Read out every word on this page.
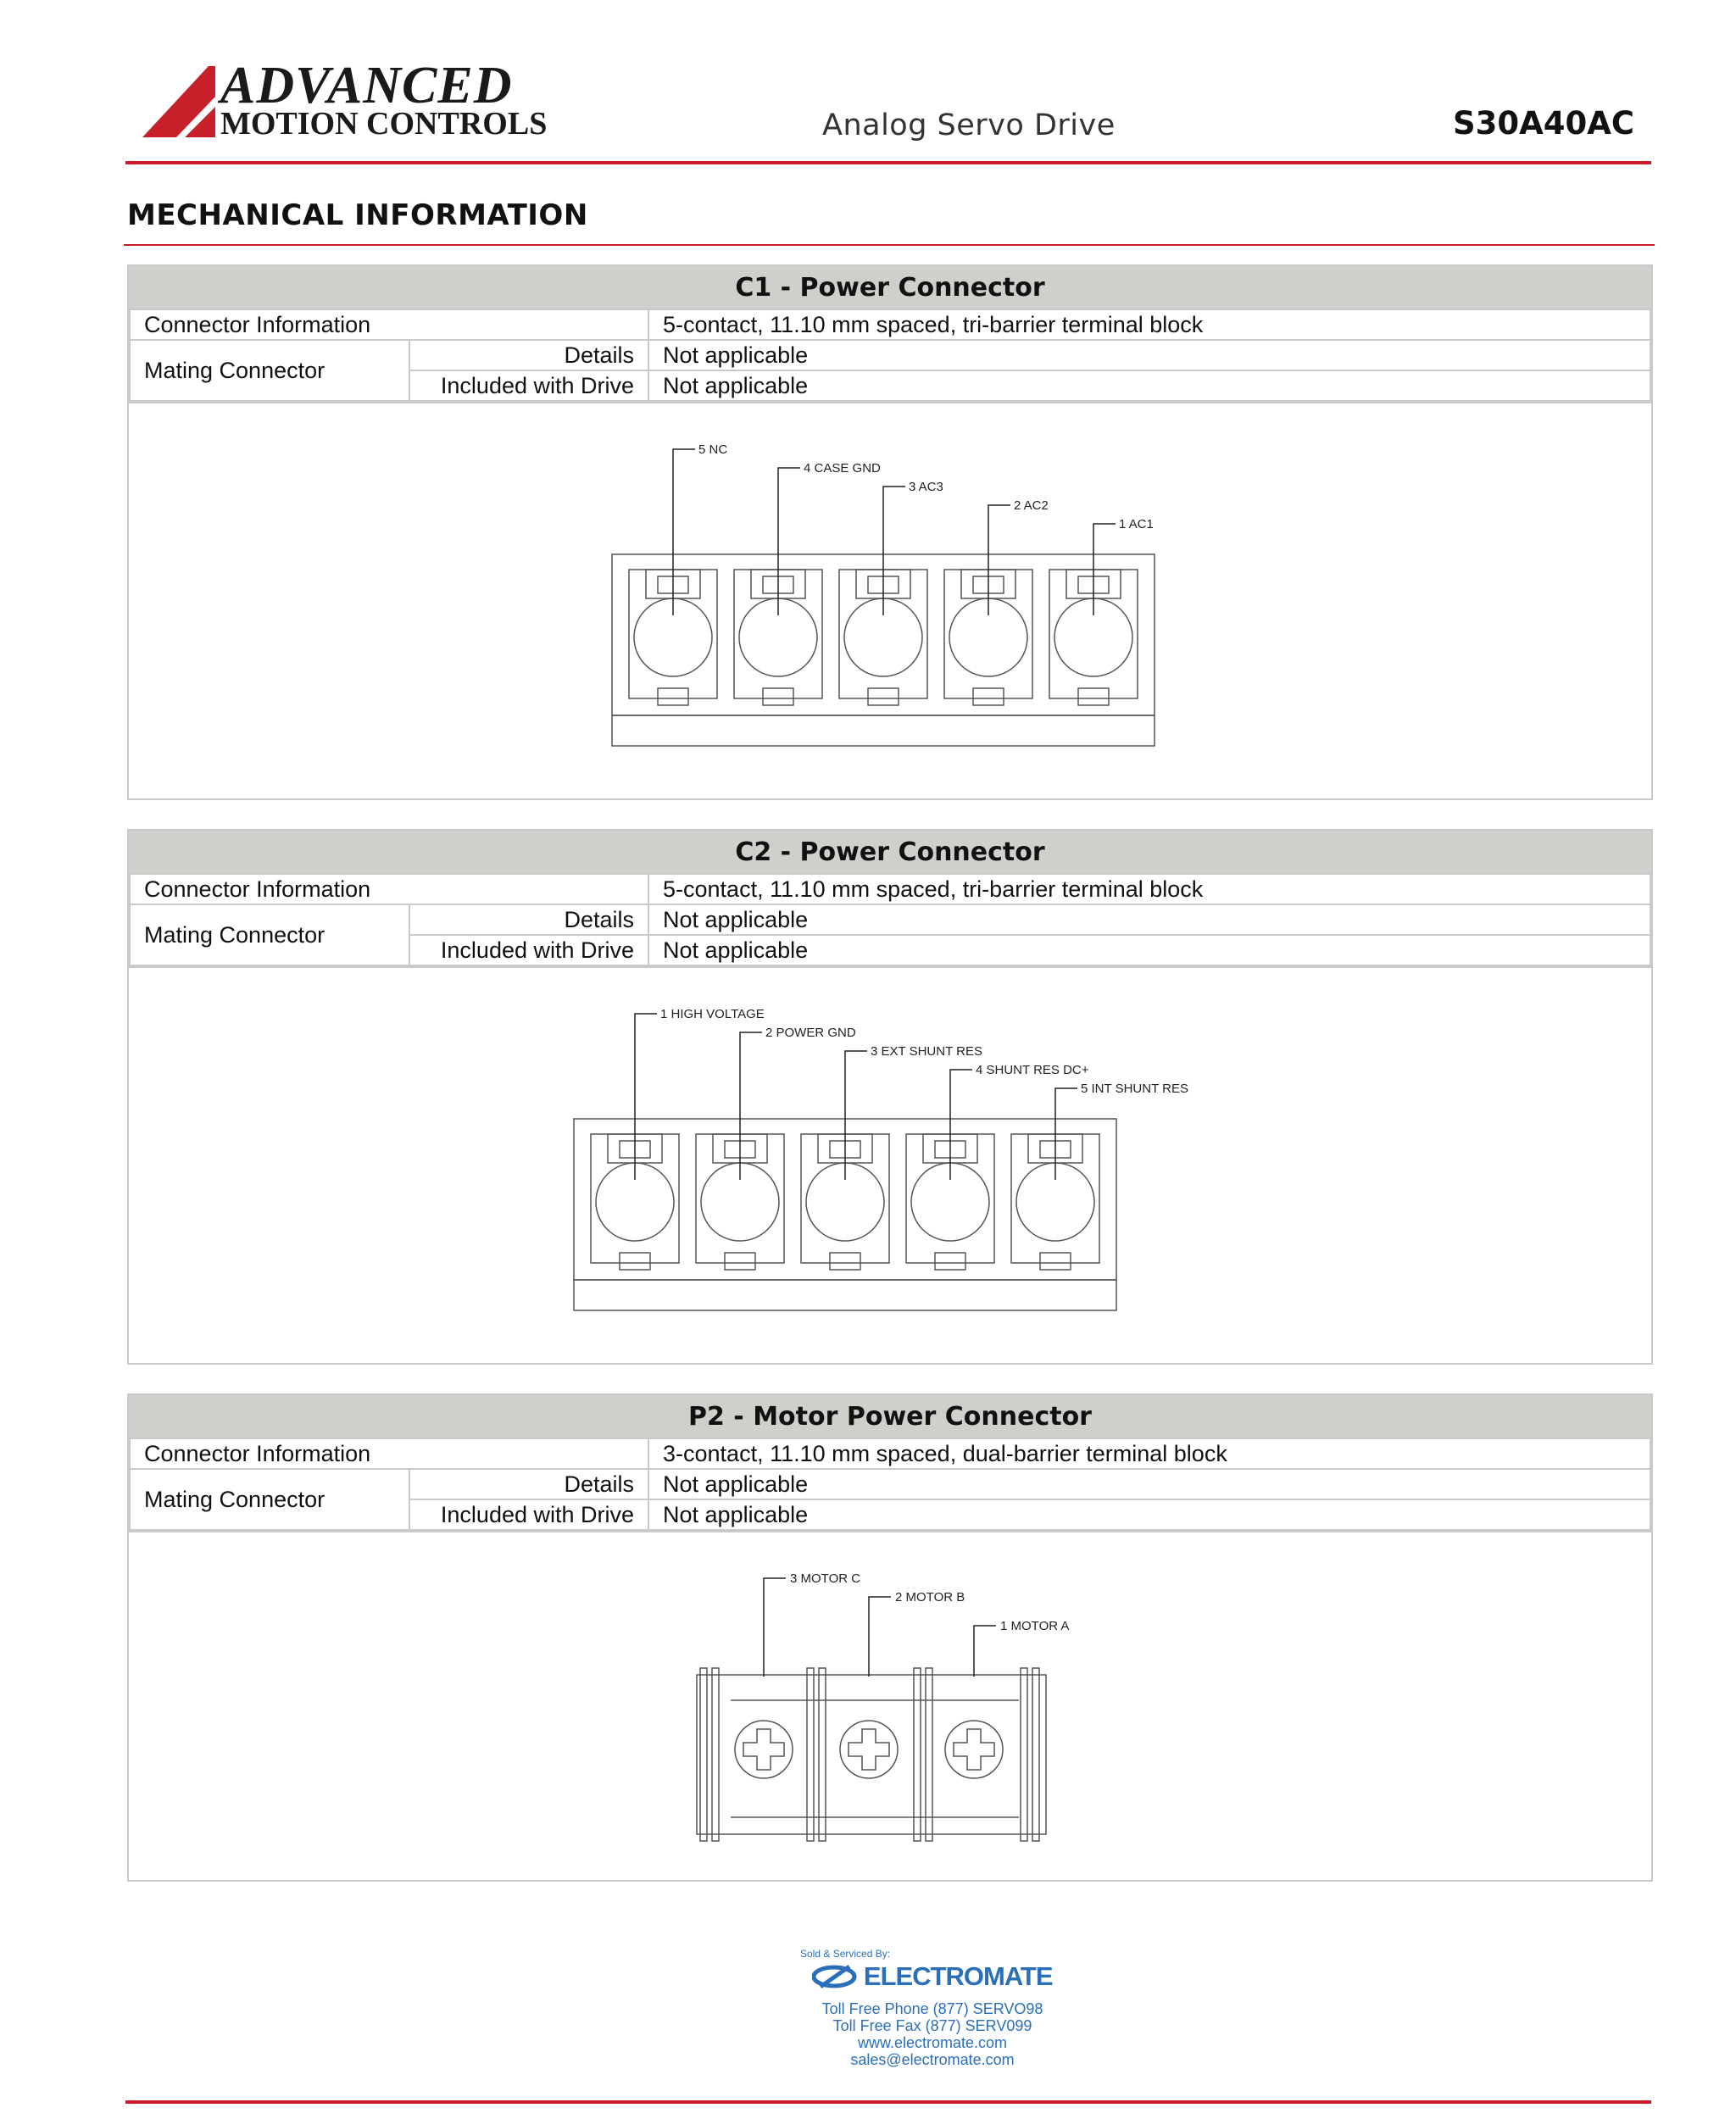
ADVANCED
MOTION CONTROLS	Analog Servo Drive	S30A40AC
MECHANICAL INFORMATION
C1 - Power Connector
Connector Information		5-contact, 11.10 mm spaced, tri-barrier terminal block
Mating Connector	Details	Not applicable
	Included with Drive	Not applicable
5 NC
4 CASE GND
3 AC3
2 AC2
1 AC1
C2 - Power Connector
Connector Information		5-contact, 11.10 mm spaced, tri-barrier terminal block
Mating Connector	Details	Not applicable
	Included with Drive	Not applicable
1 HIGH VOLTAGE
2 POWER GND
3 EXT SHUNT RES
4 SHUNT RES DC+
5 INT SHUNT RES
P2 - Motor Power Connector
Connector Information		3-contact, 11.10 mm spaced, dual-barrier terminal block
Mating Connector	Details	Not applicable
	Included with Drive	Not applicable
3 MOTOR C
2 MOTOR B
1 MOTOR A
Sold & Serviced By:
ELECTROMATE
Toll Free Phone (877) SERVO98
Toll Free Fax (877) SERV099
www.electromate.com
sales@electromate.com
